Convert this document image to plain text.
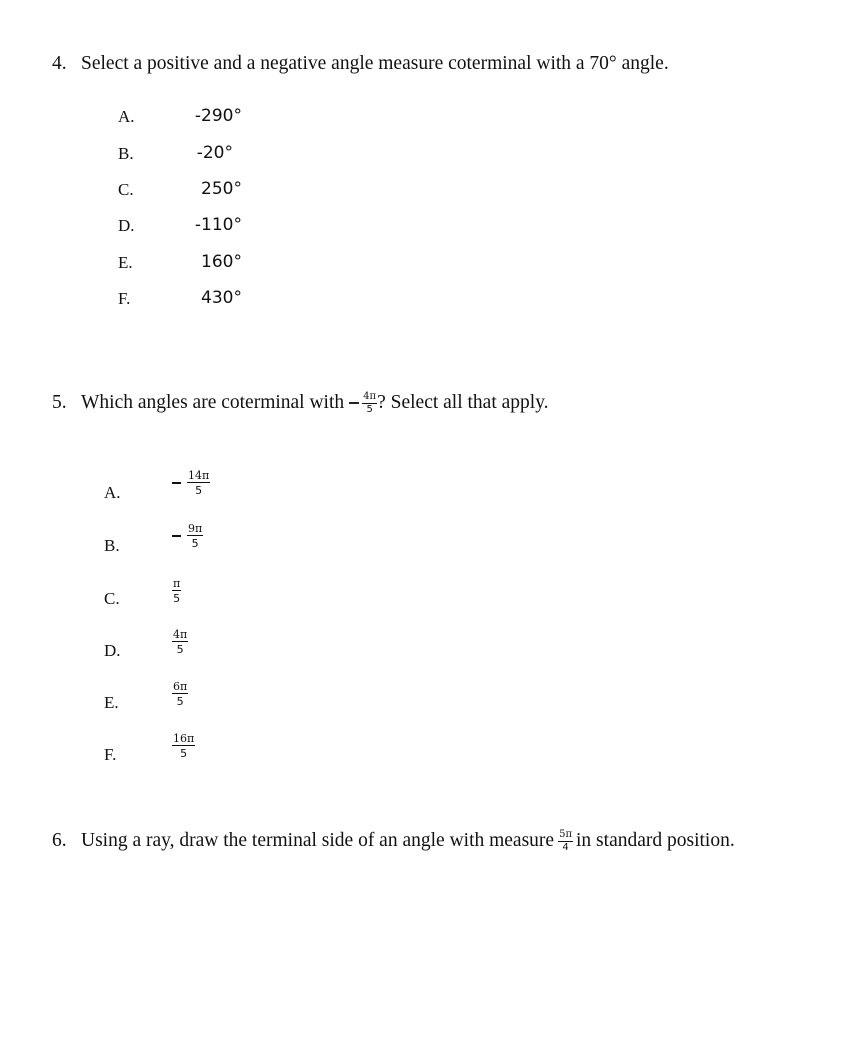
4. Select a positive and a negative angle measure coterminal with a 70° angle.
A.	-290°
B.	-20°
C.	250°
D.	-110°
E.	160°
F.	430°
5. Which angles are coterminal with $\frac{4\pi}{5}$ ? Select all that apply.
A.	$\frac{14\pi}{5}$
B.	$\frac{9\pi}{5}$
C.	$\frac{\pi}{5}$
D.	$\frac{4\pi}{5}$
E.	$\frac{6\pi}{5}$
F.	$\frac{16\pi}{5}$
6. Using a ray, draw the terminal side of an angle with measure $\frac{5\pi}{4}$ in standard position.
